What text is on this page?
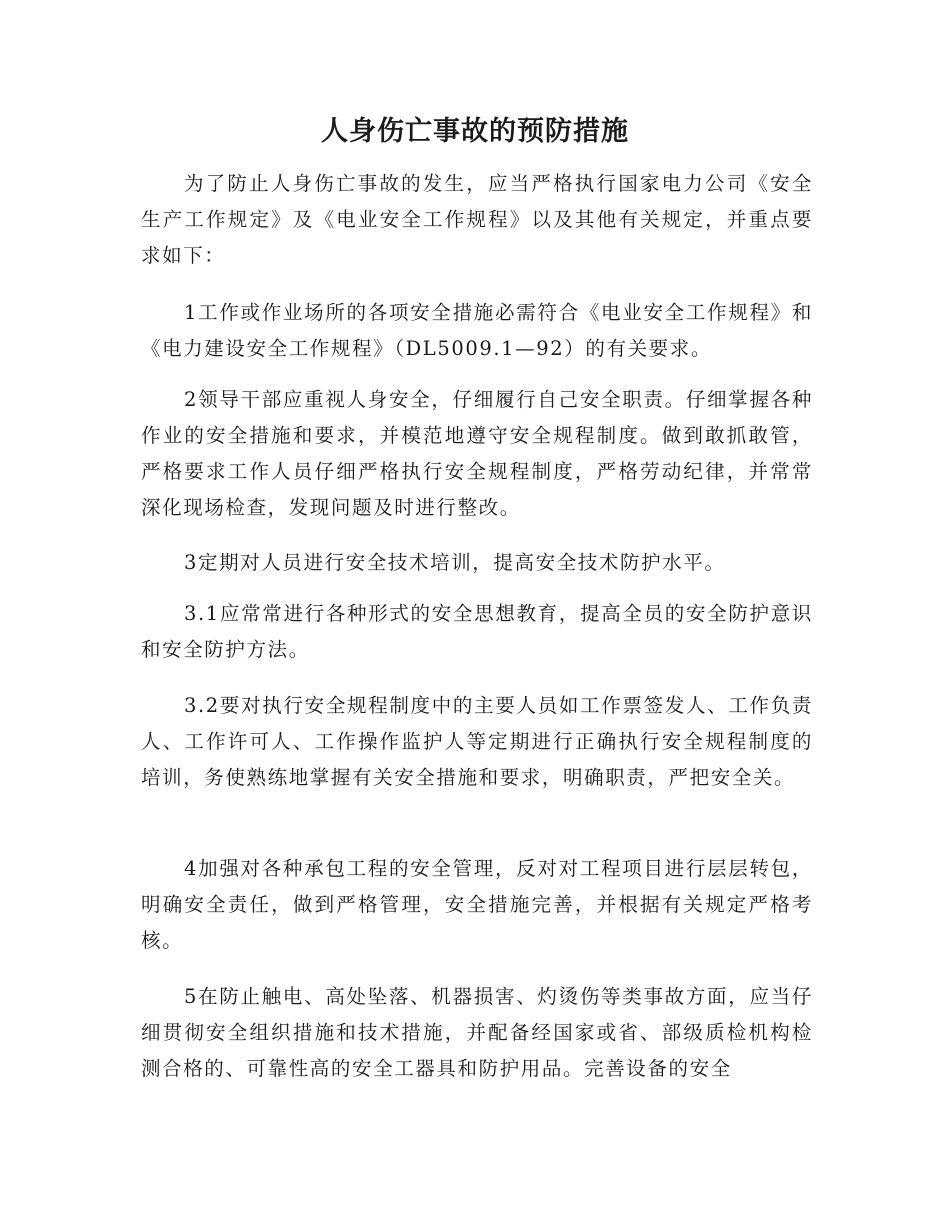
人身伤亡事故的预防措施

为了防止人身伤亡事故的发生，应当严格执行国家电力公司《安全生产工作规定》及《电业安全工作规程》以及其他有关规定，并重点要求如下：

1工作或作业场所的各项安全措施必需符合《电业安全工作规程》和《电力建设安全工作规程》（DL5009.1—92）的有关要求。

2领导干部应重视人身安全，仔细履行自己安全职责。仔细掌握各种作业的安全措施和要求，并模范地遵守安全规程制度。做到敢抓敢管，严格要求工作人员仔细严格执行安全规程制度，严格劳动纪律，并常常深化现场检查，发现问题及时进行整改。

3定期对人员进行安全技术培训，提高安全技术防护水平。

3.1应常常进行各种形式的安全思想教育，提高全员的安全防护意识和安全防护方法。

3.2要对执行安全规程制度中的主要人员如工作票签发人、工作负责人、工作许可人、工作操作监护人等定期进行正确执行安全规程制度的培训，务使熟练地掌握有关安全措施和要求，明确职责，严把安全关。

4加强对各种承包工程的安全管理，反对对工程项目进行层层转包，明确安全责任，做到严格管理，安全措施完善，并根据有关规定严格考核。

5在防止触电、高处坠落、机器损害、灼烫伤等类事故方面，应当仔细贯彻安全组织措施和技术措施，并配备经国家或省、部级质检机构检测合格的、可靠性高的安全工器具和防护用品。完善设备的安全
